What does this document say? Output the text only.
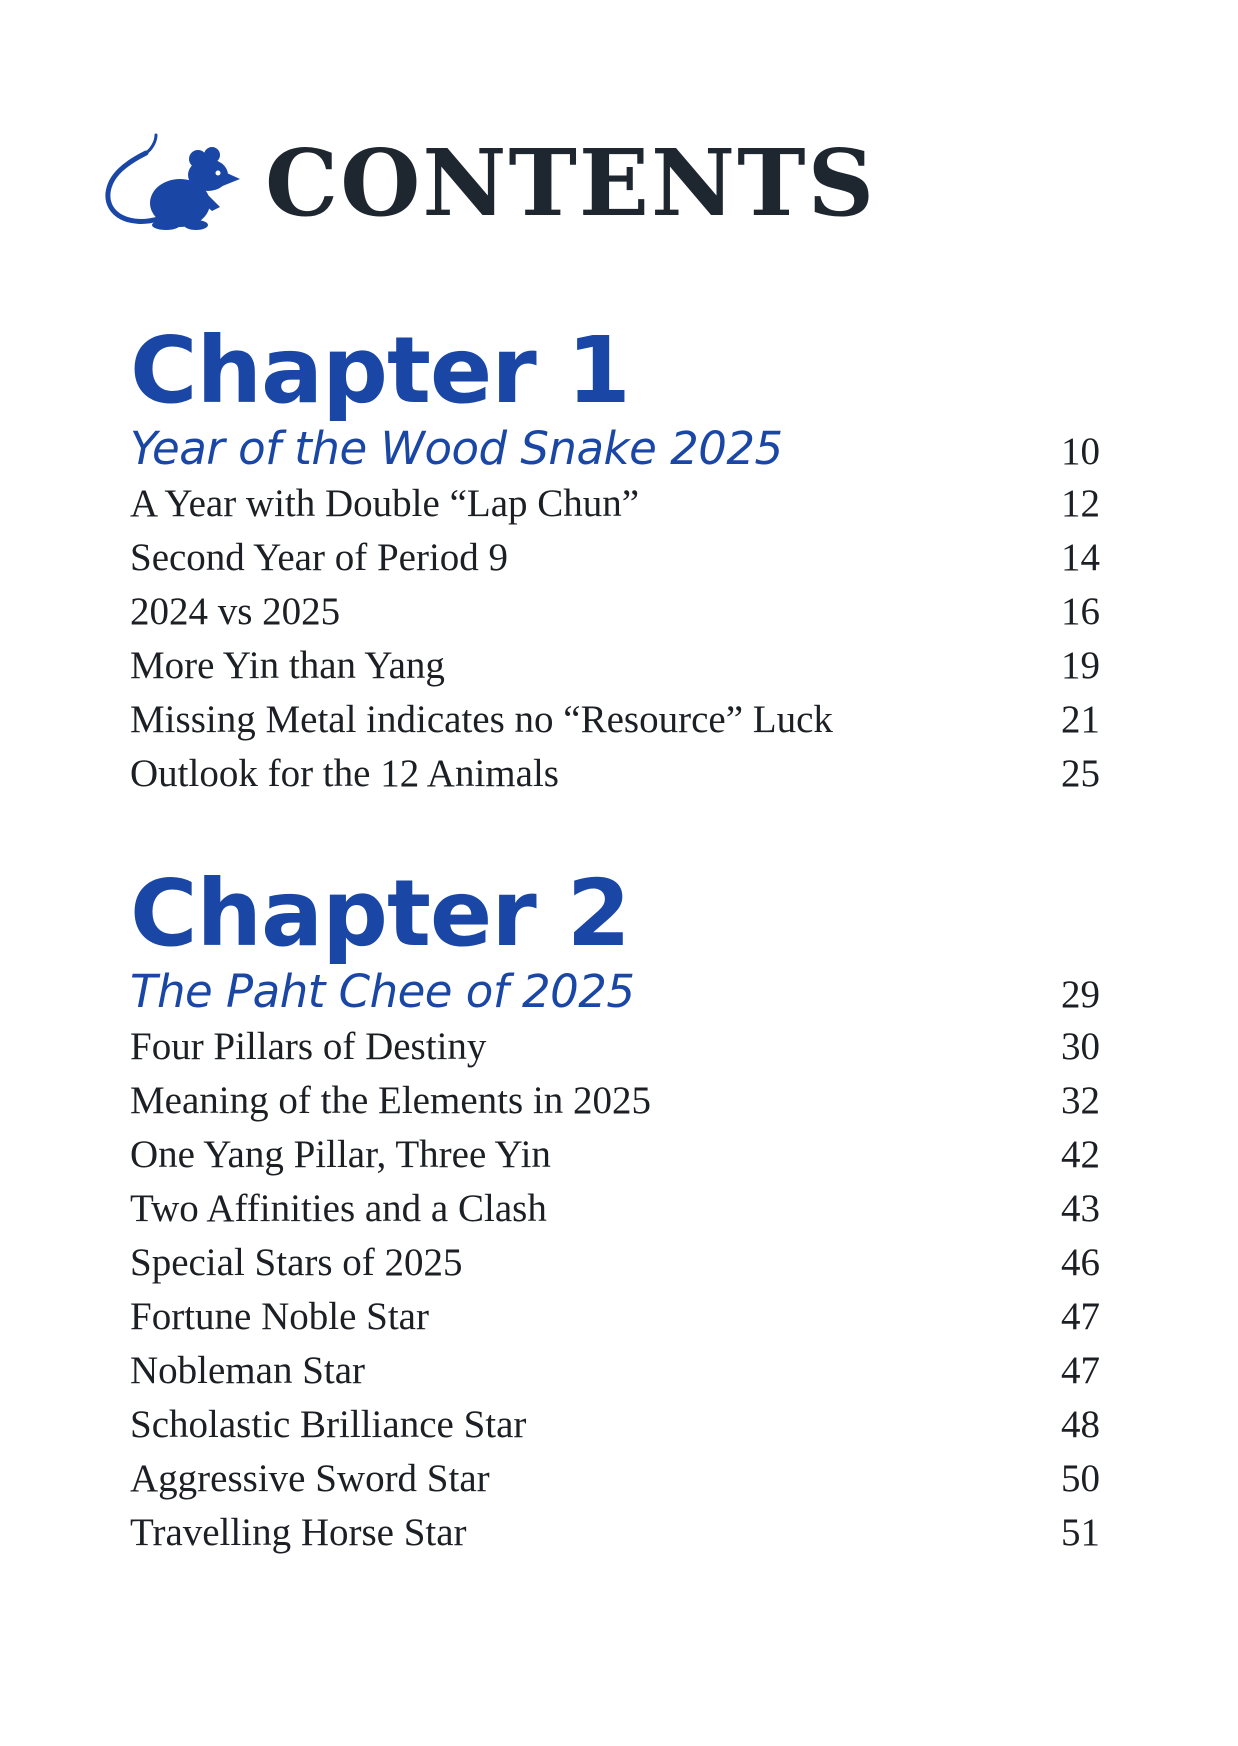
CONTENTS
Chapter 1
Year of the Wood Snake 2025	10
A Year with Double “Lap Chun”	12
Second Year of Period 9	14
2024 vs 2025	16
More Yin than Yang	19
Missing Metal indicates no “Resource” Luck	21
Outlook for the 12 Animals	25
Chapter 2
The Paht Chee of 2025	29
Four Pillars of Destiny	30
Meaning of the Elements in 2025	32
One Yang Pillar, Three Yin	42
Two Affinities and a Clash	43
Special Stars of 2025	46
Fortune Noble Star	47
Nobleman Star	47
Scholastic Brilliance Star	48
Aggressive Sword Star	50
Travelling Horse Star	51
